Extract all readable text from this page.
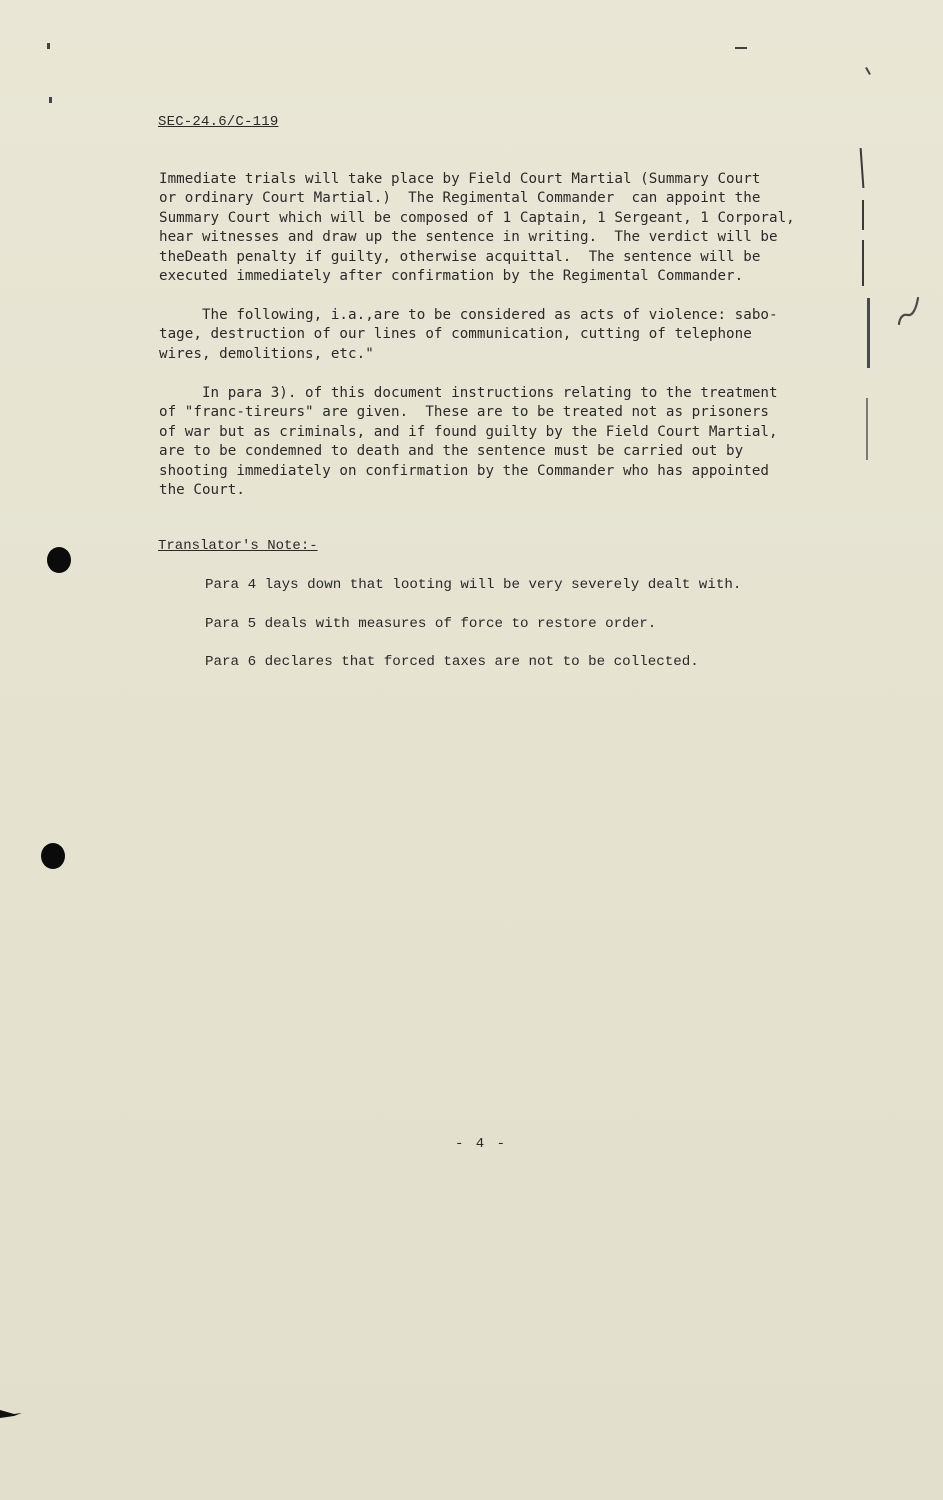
SEC-24.6/C-119
Immediate trials will take place by Field Court Martial (Summary Court
or ordinary Court Martial.)  The Regimental Commander  can appoint the
Summary Court which will be composed of 1 Captain, 1 Sergeant, 1 Corporal,
hear witnesses and draw up the sentence in writing.  The verdict will be
theDeath penalty if guilty, otherwise acquittal.  The sentence will be
executed immediately after confirmation by the Regimental Commander.
The following, i.a.,are to be considered as acts of violence: sabo-
tage, destruction of our lines of communication, cutting of telephone
wires, demolitions, etc."
In para 3). of this document instructions relating to the treatment
of "franc-tireurs" are given.  These are to be treated not as prisoners
of war but as criminals, and if found guilty by the Field Court Martial,
are to be condemned to death and the sentence must be carried out by
shooting immediately on confirmation by the Commander who has appointed
the Court.
Translator's Note:-
Para 4 lays down that looting will be very severely dealt with.
Para 5 deals with measures of force to restore order.
Para 6 declares that forced taxes are not to be collected.
- 4 -
